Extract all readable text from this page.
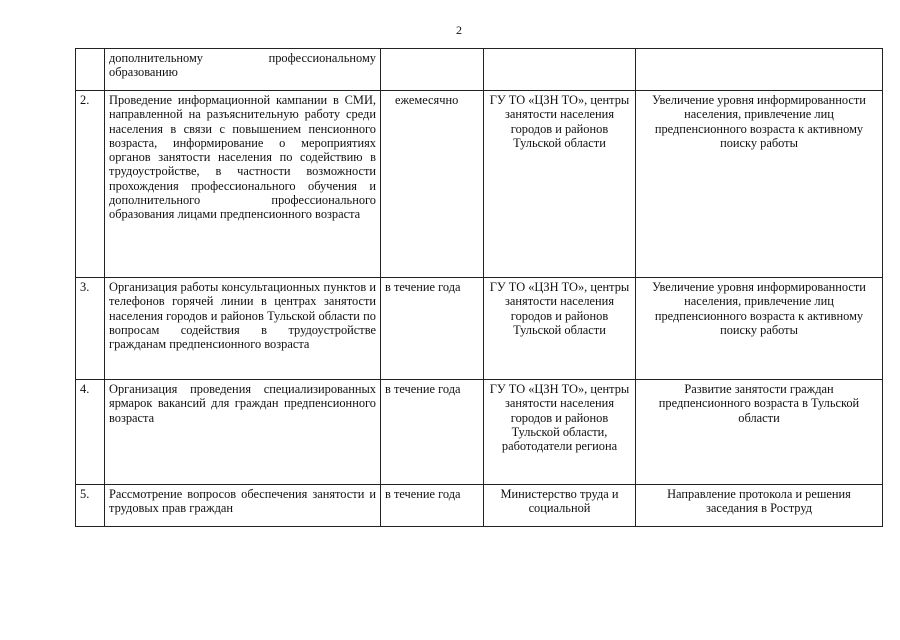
2
	дополнительному профессиональному образованию			
2.	Проведение информационной кампании в СМИ, направленной на разъяснительную работу среди населения в связи с повышением пенсионного возраста, информирование о мероприятиях органов занятости населения по содействию в трудоустройстве, в частности возможности прохождения профессионального обучения и дополнительного профессионального образования лицами предпенсионного возраста	ежемесячно	ГУ ТО «ЦЗН ТО», центры занятости населения городов и районов Тульской области	Увеличение уровня информированности населения, привлечение лиц предпенсионного возраста к активному поиску работы
3.	Организация работы консультационных пунктов и телефонов горячей линии в центрах занятости населения городов и районов Тульской области по вопросам содействия в трудоустройстве гражданам предпенсионного возраста	в течение года	ГУ ТО «ЦЗН ТО», центры занятости населения городов и районов Тульской области	Увеличение уровня информированности населения, привлечение лиц предпенсионного возраста к активному поиску работы
4.	Организация проведения специализированных ярмарок вакансий для граждан предпенсионного возраста	в течение года	ГУ ТО «ЦЗН ТО», центры занятости населения городов и районов Тульской области, работодатели региона	Развитие занятости граждан предпенсионного возраста в Тульской области
5.	Рассмотрение вопросов обеспечения занятости и трудовых прав граждан	в течение года	Министерство труда и социальной	Направление протокола и решения заседания в Роструд
